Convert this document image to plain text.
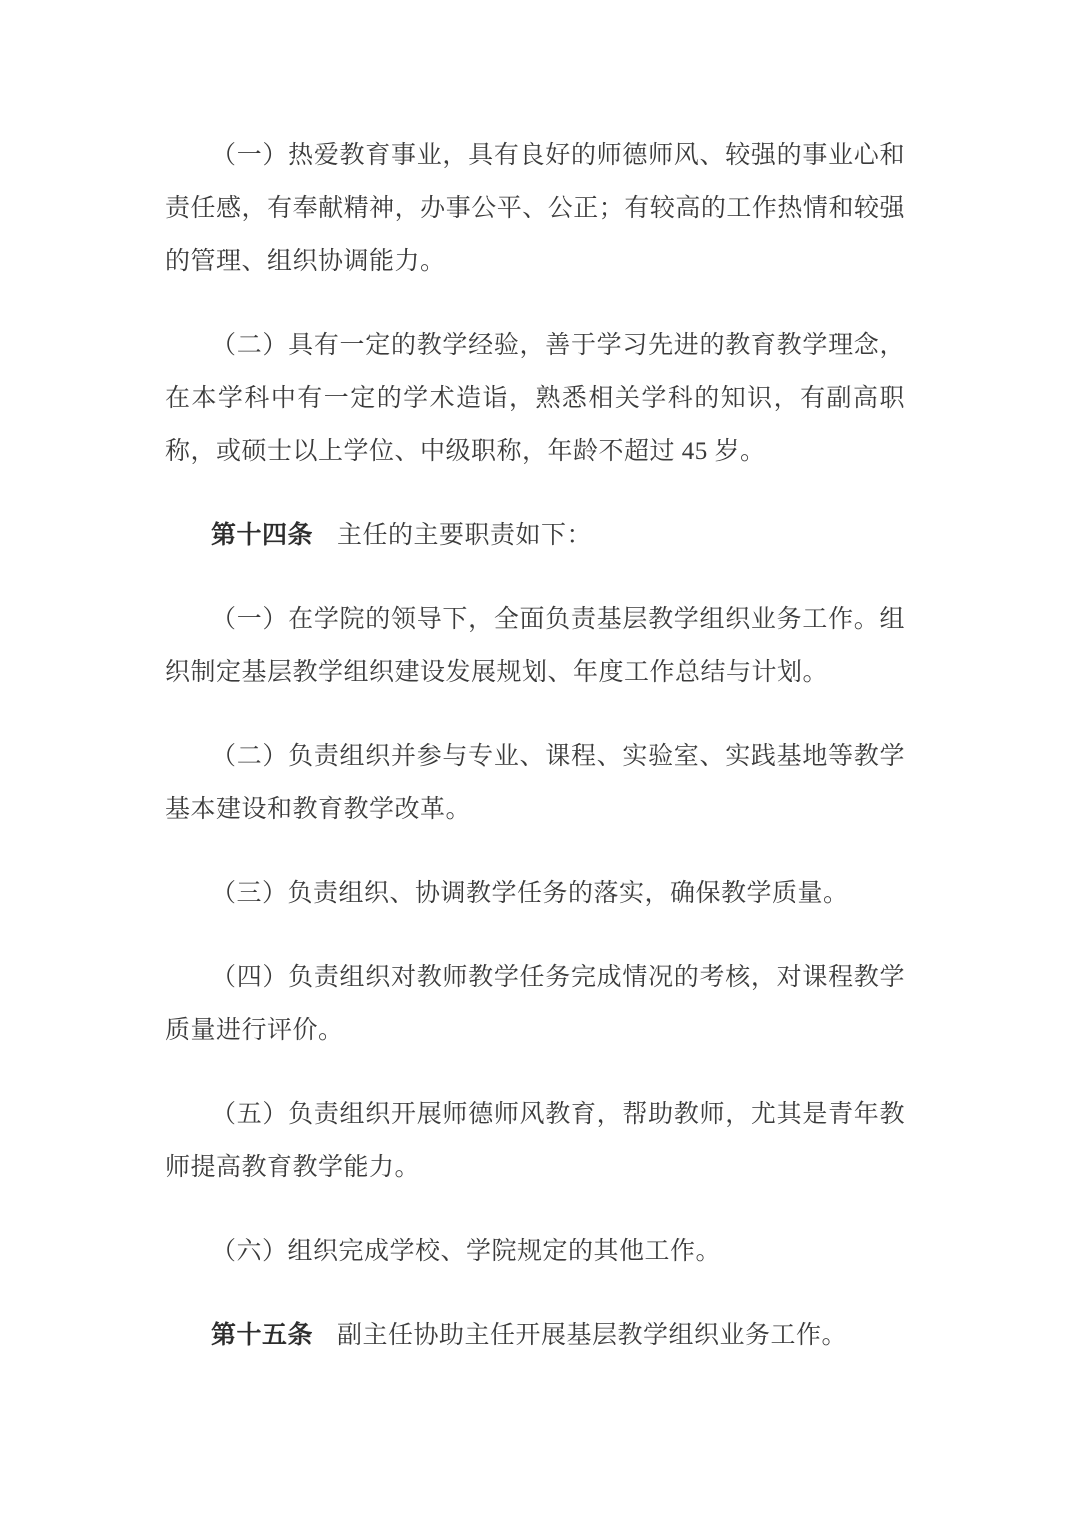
（一）热爱教育事业，具有良好的师德师风、较强的事业心和责任感，有奉献精神，办事公平、公正；有较高的工作热情和较强的管理、组织协调能力。

（二）具有一定的教学经验，善于学习先进的教育教学理念，在本学科中有一定的学术造诣，熟悉相关学科的知识，有副高职称，或硕士以上学位、中级职称，年龄不超过 45 岁。

第十四条 主任的主要职责如下：

（一）在学院的领导下，全面负责基层教学组织业务工作。组织制定基层教学组织建设发展规划、年度工作总结与计划。

（二）负责组织并参与专业、课程、实验室、实践基地等教学基本建设和教育教学改革。

（三）负责组织、协调教学任务的落实，确保教学质量。

（四）负责组织对教师教学任务完成情况的考核，对课程教学质量进行评价。

（五）负责组织开展师德师风教育，帮助教师，尤其是青年教师提高教育教学能力。

（六）组织完成学校、学院规定的其他工作。

第十五条 副主任协助主任开展基层教学组织业务工作。
